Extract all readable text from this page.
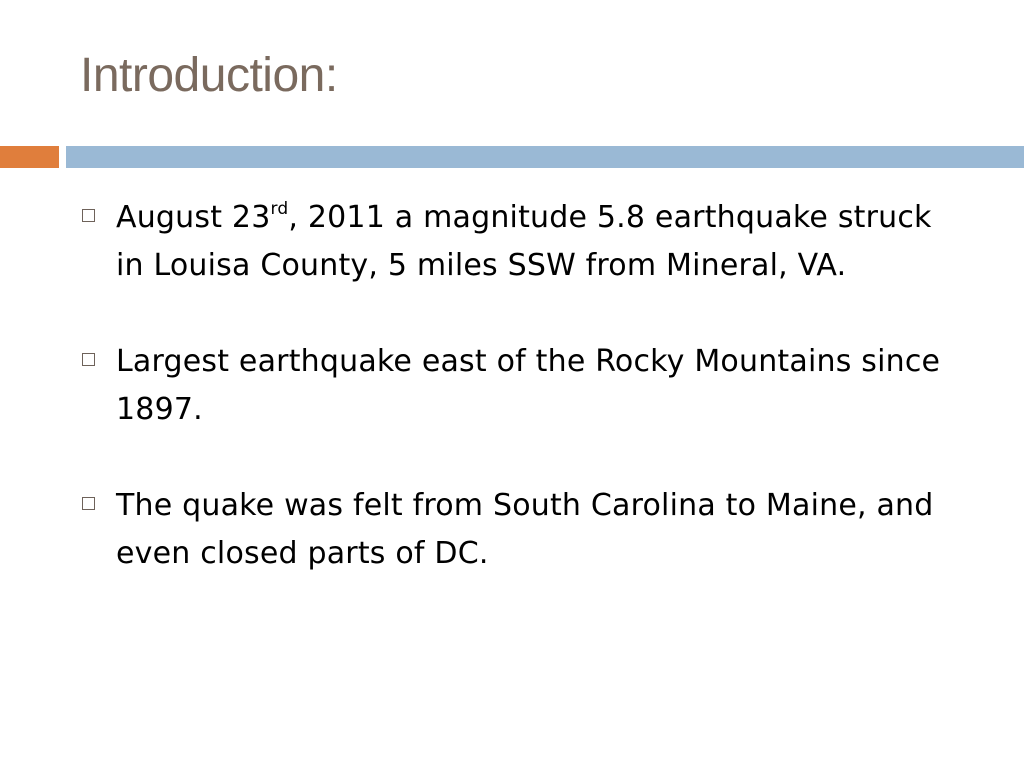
Introduction:
August 23rd, 2011 a magnitude 5.8 earthquake struck in Louisa County, 5 miles SSW from Mineral, VA.
Largest earthquake east of the Rocky Mountains since 1897.
The quake was felt from South Carolina to Maine, and even closed parts of DC.
